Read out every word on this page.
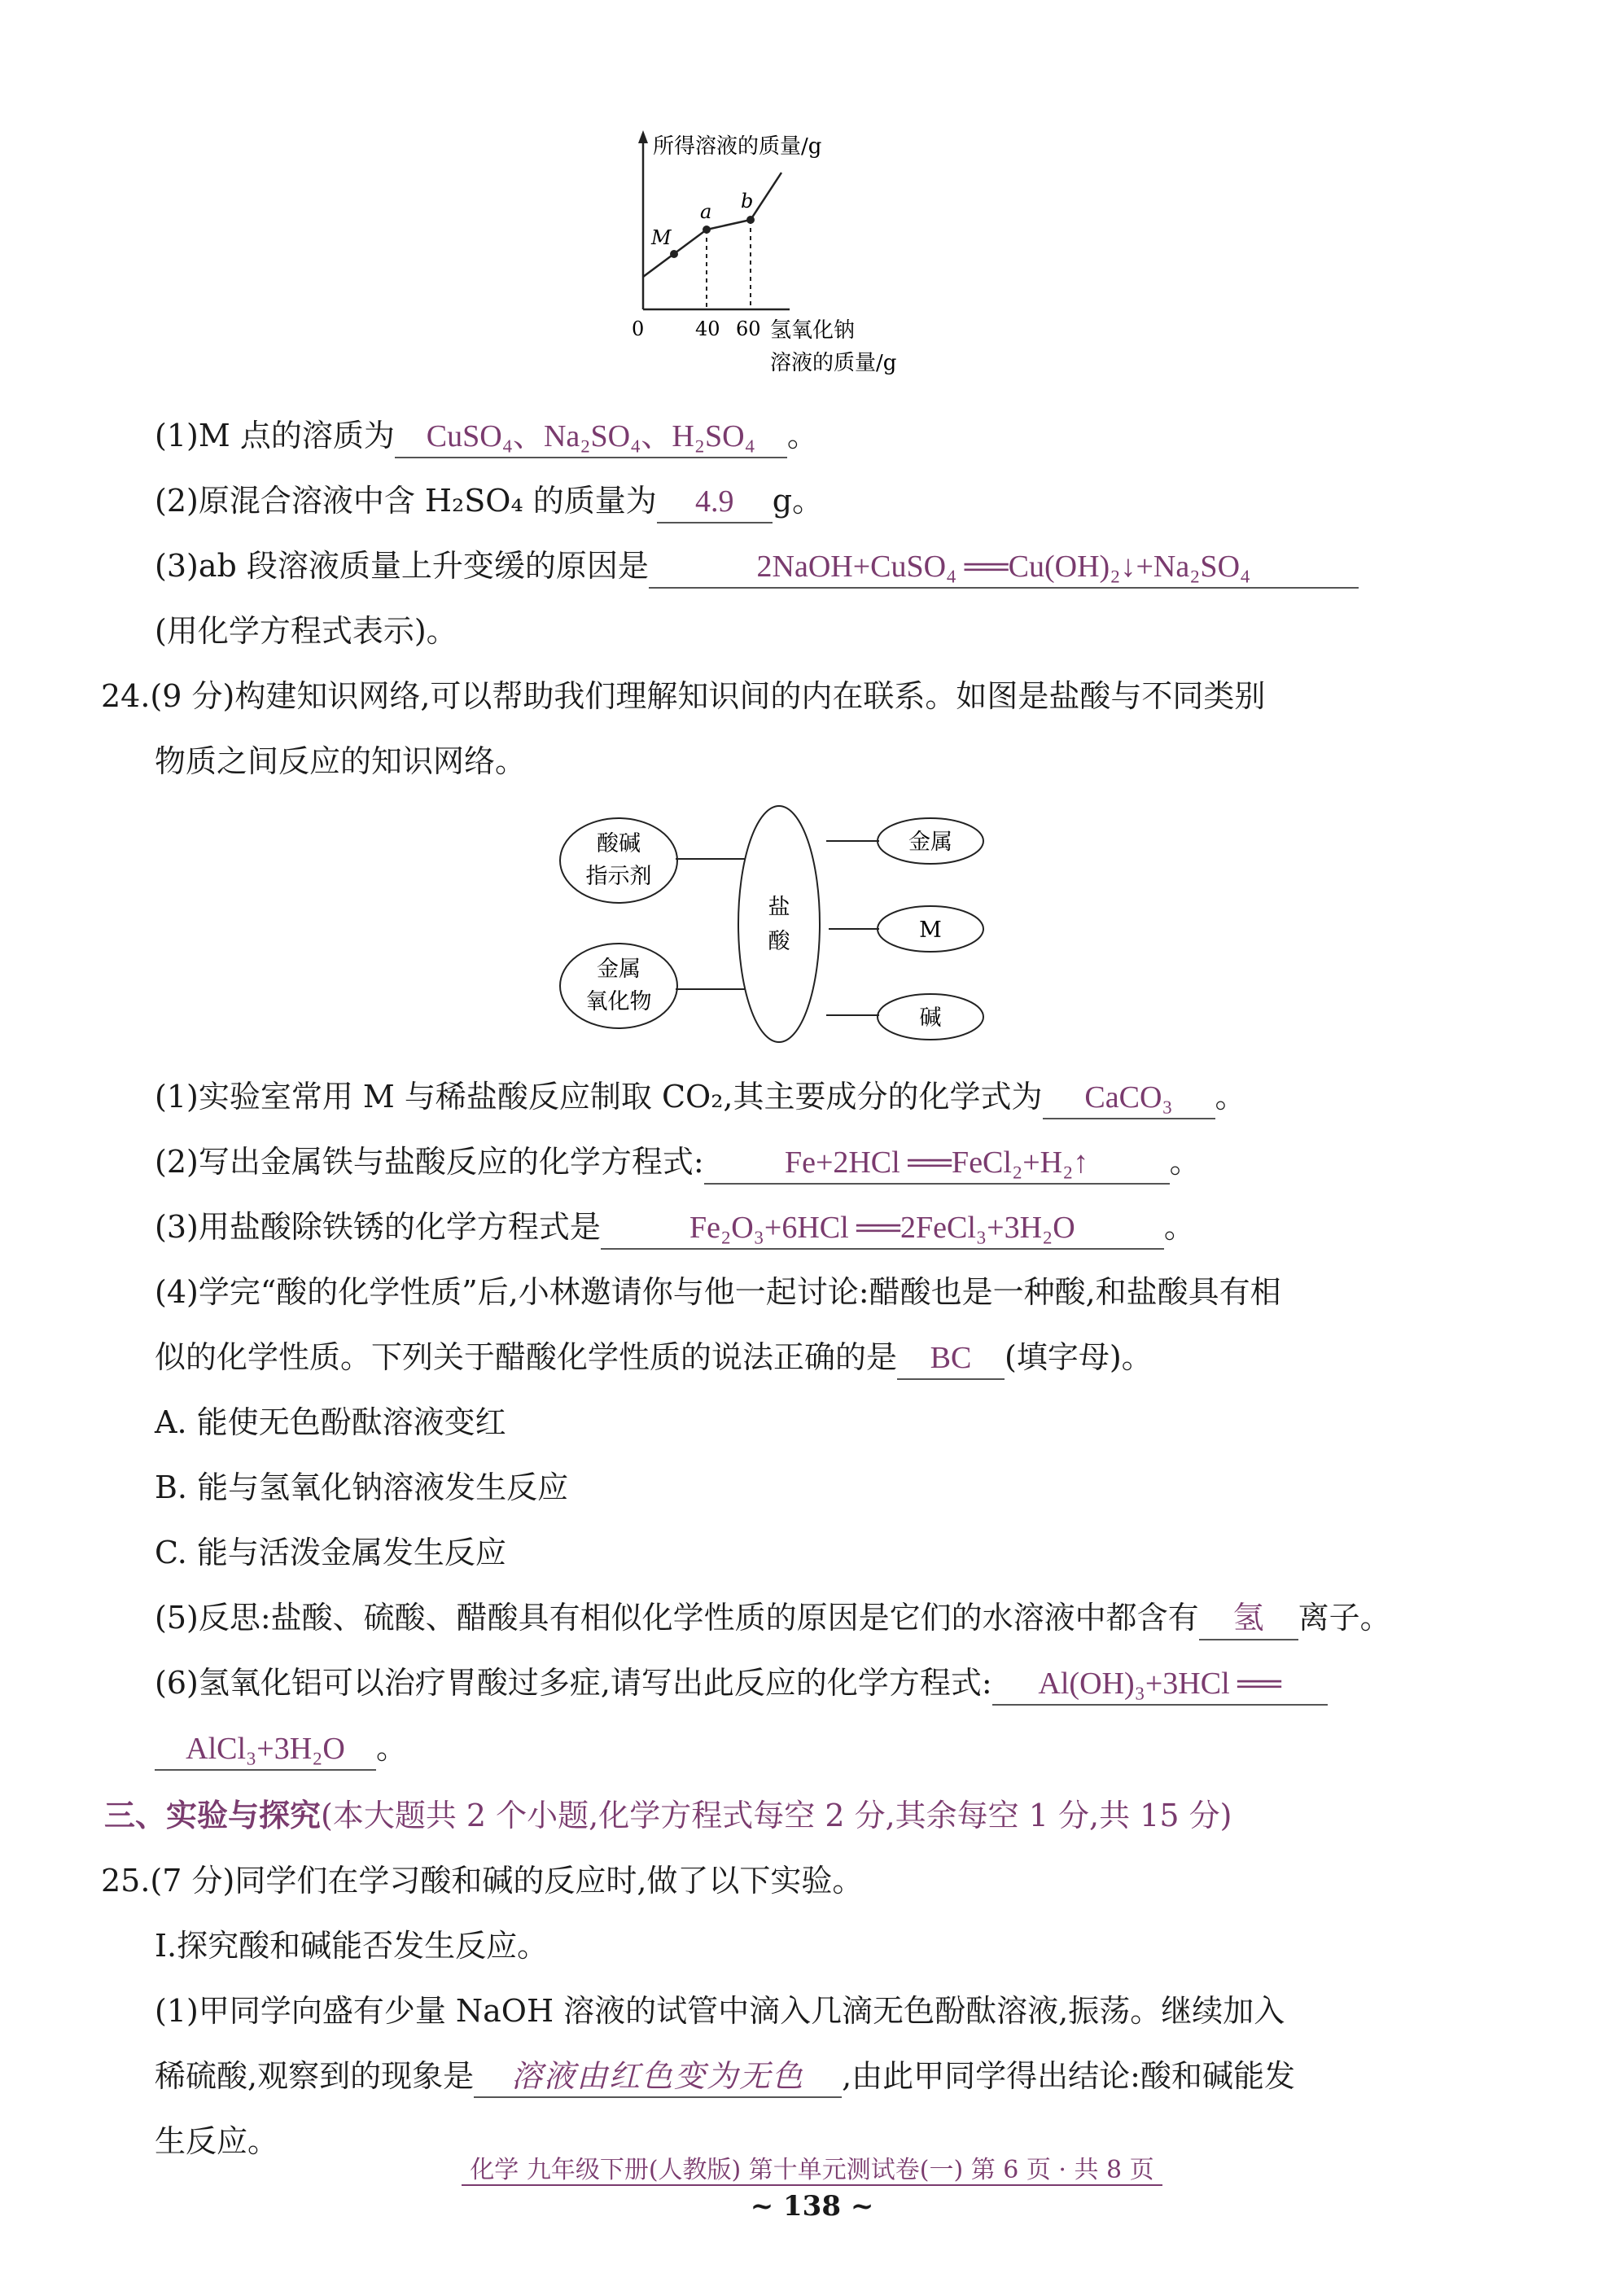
所得溶液的质量/g
M
a b
0	40 60 氢氧化钠
溶液的质量/g
(1)M 点的溶质为 CuSO₄、Na₂SO₄、H₂SO₄ 。
(2)原混合溶液中含 H₂SO₄ 的质量为 4.9 g。
(3)ab 段溶液质量上升变缓的原因是	2NaOH+CuSO₄ ══Cu(OH)₂↓+Na₂SO₄
(用化学方程式表示)。
24.(9 分)构建知识网络,可以帮助我们理解知识间的内在联系。如图是盐酸与不同类别
物质之间反应的知识网络。
酸碱
指示剂
金属
氧化物
盐
酸
金属
M
碱
(1)实验室常用 M 与稀盐酸反应制取 CO₂,其主要成分的化学式为 CaCO₃ 。
(2)写出金属铁与盐酸反应的化学方程式:	Fe+2HCl ══FeCl₂+H₂↑	。
(3)用盐酸除铁锈的化学方程式是	Fe₂O₃+6HCl ══2FeCl₃+3H₂O	。
(4)学完“酸的化学性质”后,小林邀请你与他一起讨论:醋酸也是一种酸,和盐酸具有相
似的化学性质。下列关于醋酸化学性质的说法正确的是 BC (填字母)。
A. 能使无色酚酞溶液变红
B. 能与氢氧化钠溶液发生反应
C. 能与活泼金属发生反应
(5)反思:盐酸、硫酸、醋酸具有相似化学性质的原因是它们的水溶液中都含有 氢 离子。
(6)氢氧化铝可以治疗胃酸过多症,请写出此反应的化学方程式: Al(OH)₃+3HCl ══
AlCl₃+3H₂O 。
三、实验与探究(本大题共 2 个小题,化学方程式每空 2 分,其余每空 1 分,共 15 分)
25.(7 分)同学们在学习酸和碱的反应时,做了以下实验。
Ⅰ.探究酸和碱能否发生反应。
(1)甲同学向盛有少量 NaOH 溶液的试管中滴入几滴无色酚酞溶液,振荡。继续加入
稀硫酸,观察到的现象是 溶液由红色变为无色 ,由此甲同学得出结论:酸和碱能发
生反应。
化学 九年级下册(人教版) 第十单元测试卷(一) 第 6 页 · 共 8 页
~ 138 ~
